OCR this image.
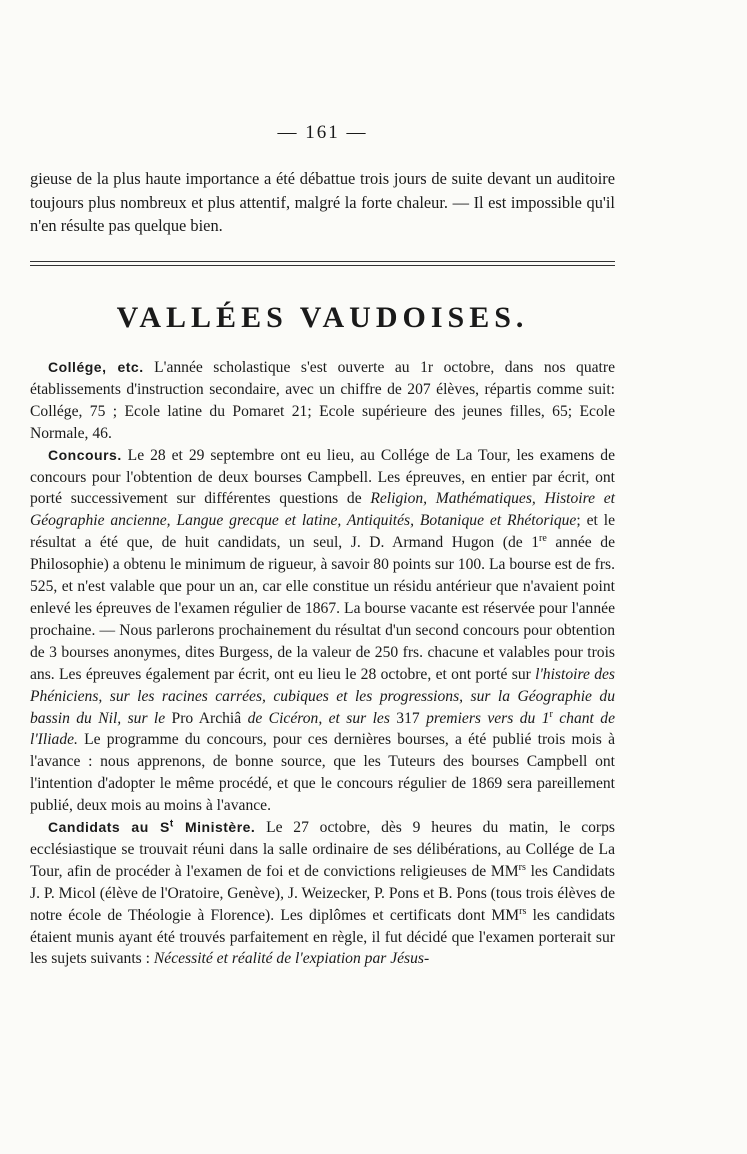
— 161 —

gieuse de la plus haute importance a été débattue trois jours de suite devant un auditoire toujours plus nombreux et plus attentif, malgré la forte chaleur. — Il est impossible qu'il n'en résulte pas quelque bien.

VALLÉES VAUDOISES.

Collége, etc. L'année scholastique s'est ouverte au 1r octobre, dans nos quatre établissements d'instruction secondaire, avec un chiffre de 207 élèves, répartis comme suit: Collége, 75 ; Ecole latine du Pomaret 21; Ecole supérieure des jeunes filles, 65; Ecole Normale, 46.

Concours. Le 28 et 29 septembre ont eu lieu, au Collége de La Tour, les examens de concours pour l'obtention de deux bourses Campbell. Les épreuves, en entier par écrit, ont porté successivement sur différentes questions de Religion, Mathématiques, Histoire et Géographie ancienne, Langue grecque et latine, Antiquités, Botanique et Rhétorique; et le résultat a été que, de huit candidats, un seul, J. D. Armand Hugon (de 1re année de Philosophie) a obtenu le minimum de rigueur, à savoir 80 points sur 100. La bourse est de frs. 525, et n'est valable que pour un an, car elle constitue un résidu antérieur que n'avaient point enlevé les épreuves de l'examen régulier de 1867. La bourse vacante est réservée pour l'année prochaine. — Nous parlerons prochainement du résultat d'un second concours pour obtention de 3 bourses anonymes, dites Burgess, de la valeur de 250 frs. chacune et valables pour trois ans. Les épreuves également par écrit, ont eu lieu le 28 octobre, et ont porté sur l'histoire des Phéniciens, sur les racines carrées, cubiques et les progressions, sur la Géographie du bassin du Nil, sur le Pro Archiâ de Cicéron, et sur les 317 premiers vers du 1$^r$ chant de l'Iliade. Le programme du concours, pour ces dernières bourses, a été publié trois mois à l'avance : nous apprenons, de bonne source, que les Tuteurs des bourses Campbell ont l'intention d'adopter le même procédé, et que le concours régulier de 1869 sera pareillement publié, deux mois au moins à l'avance.

Candidats au $S^t$ Ministère. Le 27 octobre, dès 9 heures du matin, le corps ecclésiastique se trouvait réuni dans la salle ordinaire de ses délibérations, au Collége de La Tour, afin de procéder à l'examen de foi et de convictions religieuses de $MM^{rs}$ les Candidats J. P. Micol (élève de l'Oratoire, Genève), J. Weizecker, P. Pons et B. Pons (tous trois élèves de notre école de Théologie à Florence). Les diplômes et certificats dont $MM^{rs}$ les candidats étaient munis ayant été trouvés parfaitement en règle, il fut décidé que l'examen porterait sur les sujets suivants : Nécessité et réalité de l'expiation par Jésus-
